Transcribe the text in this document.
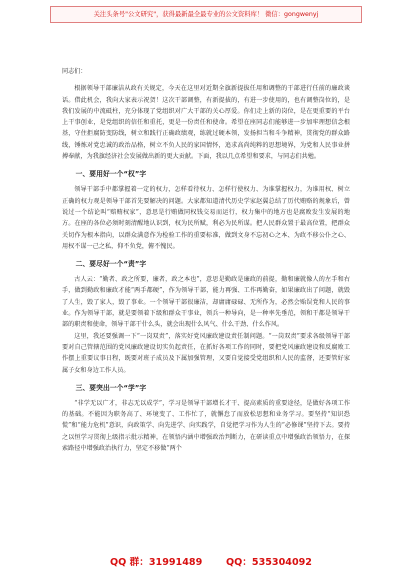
关注头条号"公文研究"，获得最新最全最专业的公文资料库！ 微信：gongwenyj
同志们：

根据领导干部廉洁从政有关规定，今天在这里对近期全旗新提拔任用和调整的干部进行任前的廉政谈话。借此机会，我向大家表示祝贺！这次干部调整，有新提拔的，有进一步使用的，也有调整岗位的，是我们发展的中流砥柱，充分体现了党组织对广大干部的关心厚爱。你们走上新的岗位，是在更重要的平台上干事创业，是党组织的信任和重托，更是一份责任和使命。希望在座同志们能够进一步加牢理想信念根基，守住拒腐防变防线，树立和践行正确政绩观，练就过硬本领，发扬担当和斗争精神，贯彻党的群众路线，锤炼对党忠诚的政治品格，树立不负人民的家国情怀，追求高尚纯粹的思想境界，为党和人民事业拼搏奉献，为我旗经济社会发展做出新的更大贡献。下面，我以几点希望和要求，与同志们共勉。

一、要用好一个“权”字

领导干部手中都掌握着一定的权力，怎样看待权力、怎样行使权力、为谁掌握权力，为谁用权、树立正确的权力观是领导干部首先要解决的问题。大家都知道清代历史学家赵翼总结了历代贿赂的规象后，曾说过一个结论叫“赔贿权家”，意思是行贿做同权钱交易而运行，权力集中的地方也是腐败发生发展的地方。在座的各位必须时刻清醒地认识到，权为民所赋，利必为民所谋。把人民群众置于最高位置，把群众关切作为根本指向，以群众满意作为检验工作的重要标准，做到文身不忘初心之本、为政不移公仆之心、用权不谋一己之私，仰不负党，俯不愧民。

二、要尽好一个“责”字

古人云：“勤者、政之所要，廉者，政之本也”，意思是勤政是廉政的前提，勤和廉就像人的左手和右手，做到勤政和廉政才能“两手都硬”，作为领导干部，能力再强、工作再勤奋，如果廉政出了问题，就毁了人生，毁了家人，毁了事业。一个领导干部很廉洁，却庸庸碌碌、无所作为，必然会贻误党和人民的事业。作为领导干部，就是要领着下级和群众干事业，领兵一种导向，是一种率先垂范，领和干都是领导干部的职责和使命，领导干部干什么头，就会出现什么风气、什么干劲、什么作风。

这里，我还要强调一下“一岗双责”，落实好党风廉政建设责任制问题。“一岗双责”要求各级领导干部要对自己管辖范围的党风廉政建设切实负起责任，在抓好各项工作的同时，要把党风廉政建设和反腐败工作摆上重要议事日程，既要对班子成员及下属加强管理，又要自觉接受党组织和人民的监督，还要管好家属子女和身边工作人员。

三、要突出一个“学”字

“非学无以广才，非志无以成学”，学习是领导干部增长才干、提高素质的重要途径，是做好各项工作的基础。不能因为职务高了、环境变了、工作忙了，就懈怠了而放松思想和业务学习。要坚持“知识恐慌”和“能力危机”意识，向政策学、向先进学、向实践学，自觉把学习作为人生的“必修课”坚持下去。要持之以恒学习贯彻上级指示批示精神，在领悟内涵中增强政治判断力，在研读重点中增强政治领悟力，在探索路径中增强政治执行力，坚定不移做“两个

QQ 群：31991489 QQ：535304092
